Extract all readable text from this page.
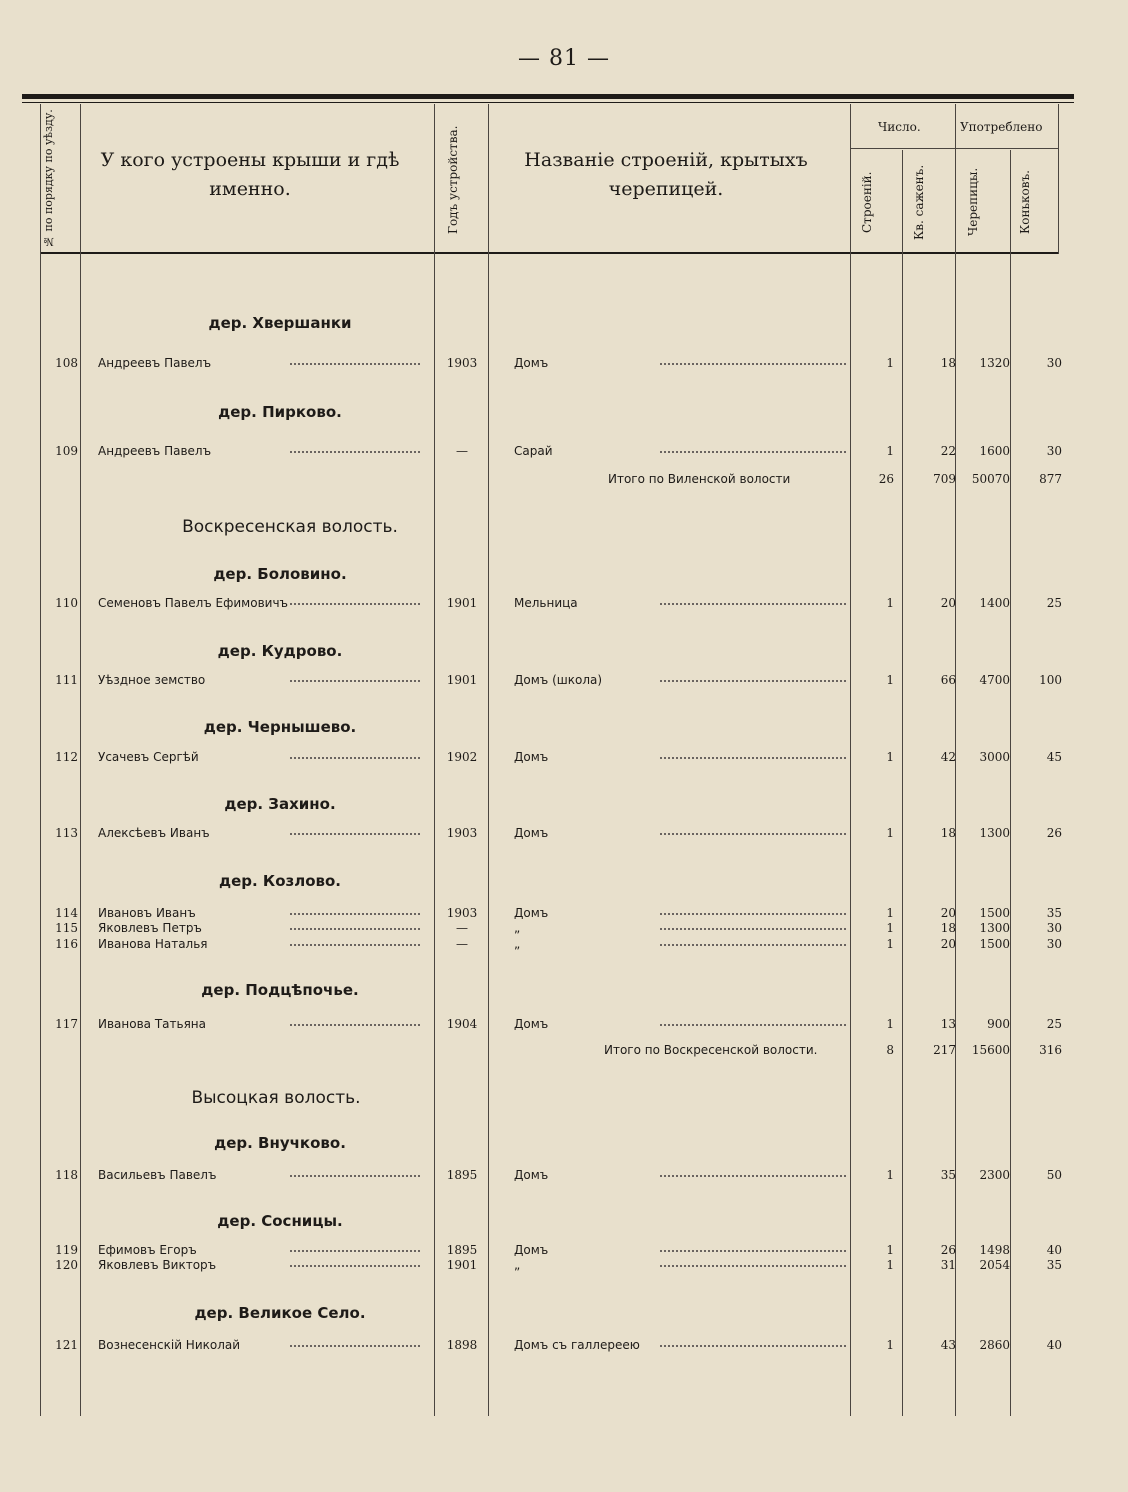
— 81 —
№ по порядку по уѣзду.	У кого устроены крыши и гдѣ именно.	Годъ устройства.	Названіе строеній, крытыхъ черепицей.
Число.	Употреблено
Строеній.	Кв. саженъ.	Черепицы.	Коньковъ.
дер. Хвершанки
дер. Пирково.
Воскресенская волость.
дер. Боловино.
дер. Кудрово.
дер. Чернышево.
дер. Захино.
дер. Козлово.
дер. Подцѣпочье.
Высоцкая волость.
дер. Внучково.
дер. Сосницы.
дер. Великое Село.
108 Андреевъ Павелъ	1903	Домъ	1	18	1320	30
109 Андреевъ Павелъ	—	Сарай	1	22	1600	30
110 Семеновъ Павелъ Ефимовичъ	1901	Мельница	1	20	1400	25
111 Уѣздное земство	1901	Домъ (школа)	1	66	4700	100
112 Усачевъ Сергѣй	1902	Домъ	1	42	3000	45
113 Алексѣевъ Иванъ	1903	Домъ	1	18	1300	26
114 Ивановъ Иванъ	1903	Домъ	1	20	1500	35
115 Яковлевъ Петръ	—	„	1	18	1300	30
116 Иванова Наталья	—	„	1	20	1500	30
117 Иванова Татьяна	1904	Домъ	1	13	900	25
118 Васильевъ Павелъ	1895	Домъ	1	35	2300	50
119 Ефимовъ Егоръ	1895	Домъ	1	26	1498	40
120 Яковлевъ Викторъ	1901	„	1	31	2054	35
121 Вознесенскій Николай	1898	Домъ съ галлереею	1	43	2860	40
Итого по Виленской волости	26	709	50070	877
Итого по Воскресенской волости.	8	217	15600	316
